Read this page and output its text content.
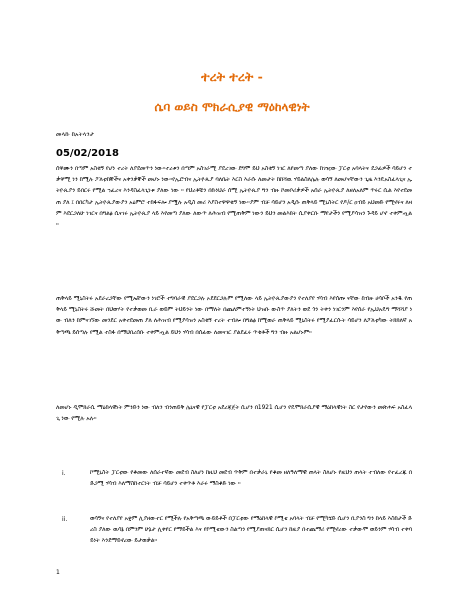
ተረት ተረት -
ሴባ ወይስ ሞክራሲያዊ ማዕከላዊነት
መላኩ ከአትላንታ
05/02/2018

ሰዋሙን በጣም አስቂኝ የሆነ ተረት ለያደመጥን ነው፡፡ተረቱን በጣም አስገራሚ ያደረገው ደግሞ ይህ አስቂኝ ነገር ለየመጣ ያለው ከገዢው ፓርቲ አባላትና ደጋፊዎች ሳይሆን ተቃዋሚ ነን ከሚሉ ፖለቲከኞችና አቀንቃኞች መሆኑ ነው፡፡የኢሮብና ኢትዮጲያ ባለቤት እርስ እራሱ ለመታት ከከሻዉ ሃይልስለሌሉ ወሳኝ ለመሆናቸውን ጊዜ እንዴአስፈላጊና ኢትዮጲያን ይበርሩ የሚል ኀፈረና እንዳስፈላጊነቱ ያለው ነው ፡፡ የህረቶቹን በኩነህራ ሰሚ ኢትዮጲያ ግን ብዙ ኮመቦሪቃዎች አሰራ ኢትዮጲያ ለዘለአለም ጥሩር ሲል እየተደመጠ ያለ ፤ በበርካታ ኢትዮጲያውያን አዕምሮ ተከፋፍሎ ያሟሉ አዲስ መሪ እያስተዋዋቁኝ ነው፡፡ያም ብቻ ሳይሆን አዲሱ ጠቅላይ ሚኒስትር የዶ/ር ዐብይ አህመድ የሚኖሩና ለዛም እደርጋለሁ ነገርና በግልፅ ሲናገሩ ኢትዮጲያ ላይ እየመጣ ያለው ለውጥ ለሕዝብ የሚጠቅም ነውን ይህን መልእክት ሲያቀርቡ ማየታችን የሚያሳዝን ጉዳይ ሆኖ ተቀምጧል፡፡

ጠቅላይ ሚኒስትሩ አደራረጋቸው የሚኤቸውን ነገሮች ተግባራዊ ያደርጋሉ ኦደደርጋሉም የሚለው ላይ ኢትዮጲያውያን የተለያየ ሃሳብ እየሰጡ ናቸው ከብዙ ሀሳቦች አንዱ የጠቅላይ ሚኒስትሩ ሹመት በህወሃት የተቃወመ ቢራ ወይም ትህይንት ነው በማለት በጨለምተኝነት ህዝቡ ውስጥ ያለትን ወደ ጎን ትቀን ነገርንም እየሰራ የኢህአዴግ ማሻሻያ ነው ብለን ከምናገኘው መንደር አቀተደመጠ ያለ ለሕዝብ የሚያሳዝን አስቂኝ ተረት ተብሎ በግልፅ ከሚወራ ጠቅላይ ሚኒስትሩ የሚያፈርሱት ሳይሆን ለፖለቲካው ትክክለኛ አቅጣጫ ይሰጣሉ የሚል ተስፋ በማህበረሰቡ ተቀምጧል ይህን ሃሳብ በሰፊው ለመናገር ያልደፈሩ ጥቂቶች ግን ብዙ አልሆኑም፡፡

ለመሆኑ ዲሞክራሲ ማዕከላዊነት ምንድን ነው ብለን ብንጠይቅ ሌኒናዊ የፓርቲ አደረጃጀት ሲሆን በ1921 ሲሆን የዴሞክራሲያዊ ማዕከላዊነት ስር የታየውን መጽሐፍ አስፈላጊ ነው የሚሉ አሉ፡፡

i.	ኮሚኒስት ፓርቲው የቆመው ለሰራተኛው መደብ ስለሆነ ከዚህ መደብ ጥቅም በተቃራኒ የቆመ ዘለዓለማዊ ጠላት ስለሆኑ የዚህን ጠላት ተብለው የተፈረጁ በድጋሚ ሃሳብ እለማስከተርነት ብቻ ሳይሆን ተቀጥቶ እራሩ ማስቆድ ነው ፡፡

ii.	ወሳኝና የተለያየ አቋም ሊያዘውተር የሚችሉ የአቅጣጫ ውይይቶች በፓርቲው የማዕከላዊ ኮሚቴ አባላት ብቻ የሚካሄድ ሲሆን ቢያንስ ግን ከላይ እስከታች ድረስ ያለው ዉሳኔ በምንም ሁኔታ ሊቀየር የማይችል እና የኮሚቴውን ስልጣን የሚያጠናክር ሲሆን ከዚያ በተጨማሪ የሚኖረው ተቃውሞ ወይንም ሃሳብ ተቀባይነት እንደማይኖረው ይታወቃል፡፡

1
